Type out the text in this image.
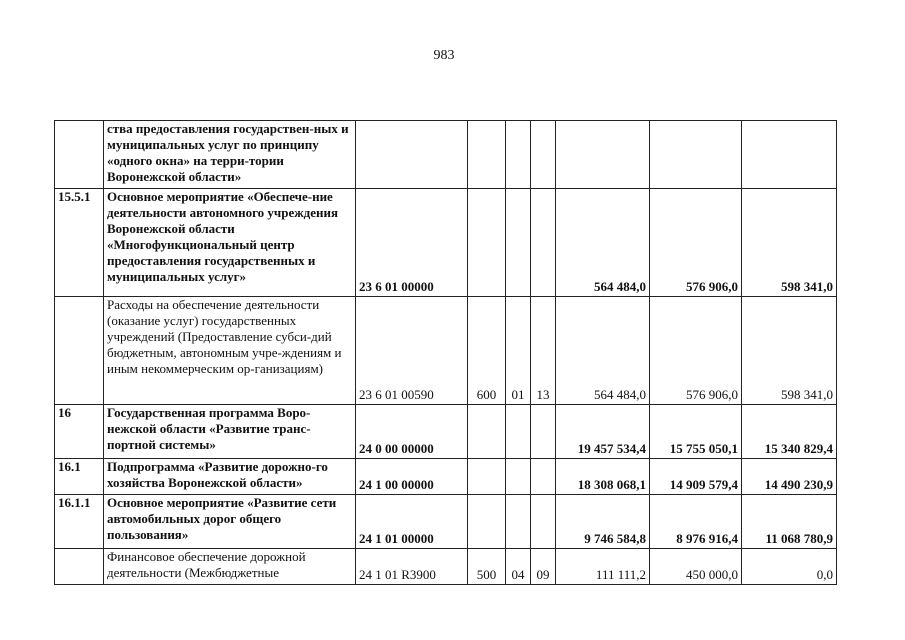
983
	ства предоставления государствен-ных и муниципальных услуг по принципу «одного окна» на терри-тории Воронежской области»							
15.5.1	Основное мероприятие «Обеспече-ние деятельности автономного учреждения Воронежской области «Многофункциональный центр предоставления государственных и муниципальных услуг»	23 6 01 00000				564 484,0	576 906,0	598 341,0
	Расходы на обеспечение деятельности (оказание услуг) государственных учреждений (Предоставление субси-дий бюджетным, автономным учре-ждениям и иным некоммерческим ор-ганизациям)	23 6 01 00590	600	01	13	564 484,0	576 906,0	598 341,0
16	Государственная программа Воро-нежской области «Развитие транс-портной системы»	24 0 00 00000				19 457 534,4	15 755 050,1	15 340 829,4
16.1	Подпрограмма «Развитие дорожно-го хозяйства Воронежской области»	24 1 00 00000				18 308 068,1	14 909 579,4	14 490 230,9
16.1.1	Основное мероприятие «Развитие сети автомобильных дорог общего пользования»	24 1 01 00000				9 746 584,8	8 976 916,4	11 068 780,9
	Финансовое обеспечение дорожной деятельности (Межбюджетные	24 1 01 R3900	500	04	09	111 111,2	450 000,0	0,0
